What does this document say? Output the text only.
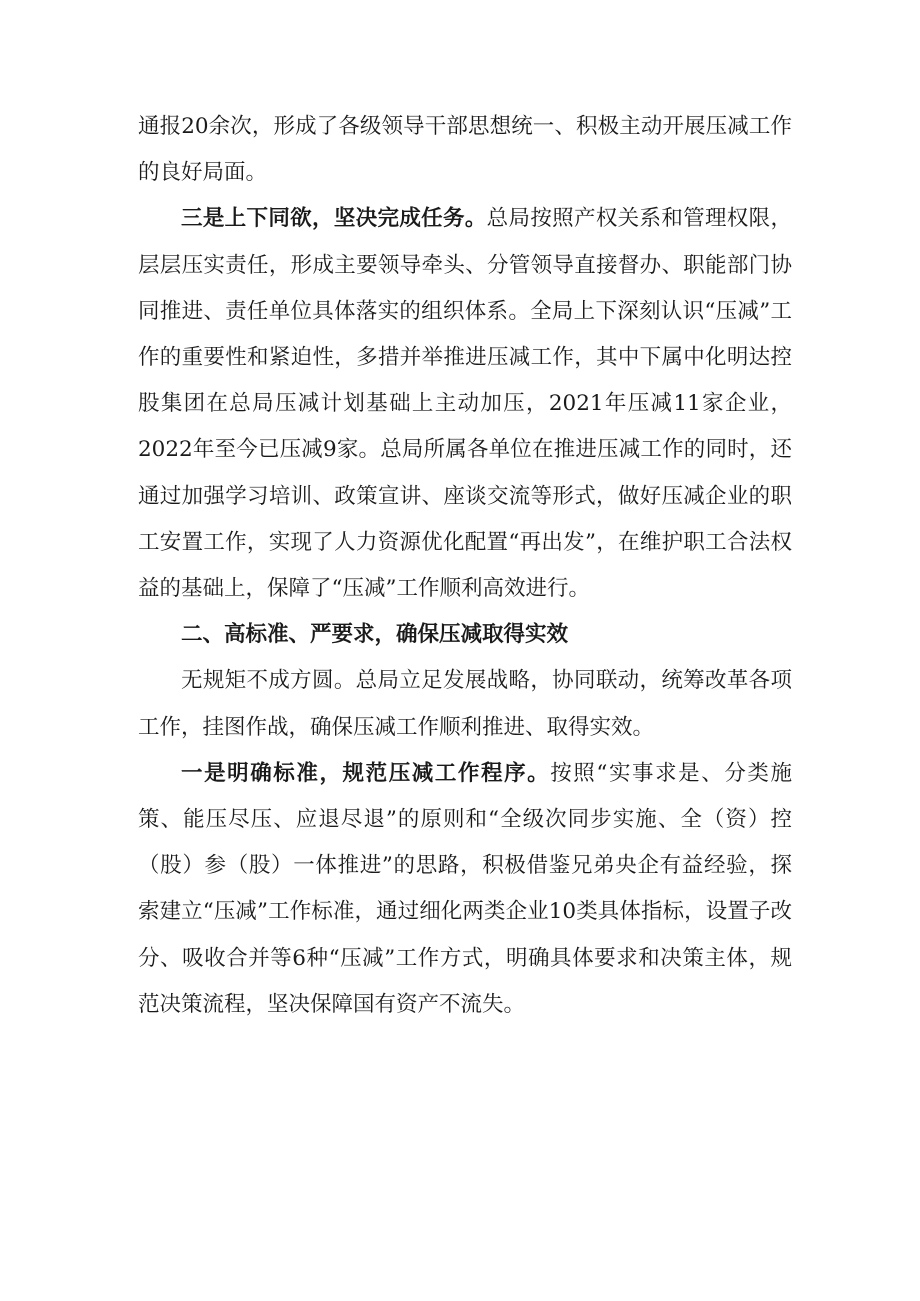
通报20余次，形成了各级领导干部思想统一、积极主动开展压减工作的良好局面。

三是上下同欲，坚决完成任务。总局按照产权关系和管理权限，层层压实责任，形成主要领导牵头、分管领导直接督办、职能部门协同推进、责任单位具体落实的组织体系。全局上下深刻认识“压减”工作的重要性和紧迫性，多措并举推进压减工作，其中下属中化明达控股集团在总局压减计划基础上主动加压，2021年压减11家企业，2022年至今已压减9家。总局所属各单位在推进压减工作的同时，还通过加强学习培训、政策宣讲、座谈交流等形式，做好压减企业的职工安置工作，实现了人力资源优化配置“再出发”，在维护职工合法权益的基础上，保障了“压减”工作顺利高效进行。

二、高标准、严要求，确保压减取得实效

无规矩不成方圆。总局立足发展战略，协同联动，统筹改革各项工作，挂图作战，确保压减工作顺利推进、取得实效。

一是明确标准，规范压减工作程序。按照“实事求是、分类施策、能压尽压、应退尽退”的原则和“全级次同步实施、全（资）控（股）参（股）一体推进”的思路，积极借鉴兄弟央企有益经验，探索建立“压减”工作标准，通过细化两类企业10类具体指标，设置子改分、吸收合并等6种“压减”工作方式，明确具体要求和决策主体，规范决策流程，坚决保障国有资产不流失。
